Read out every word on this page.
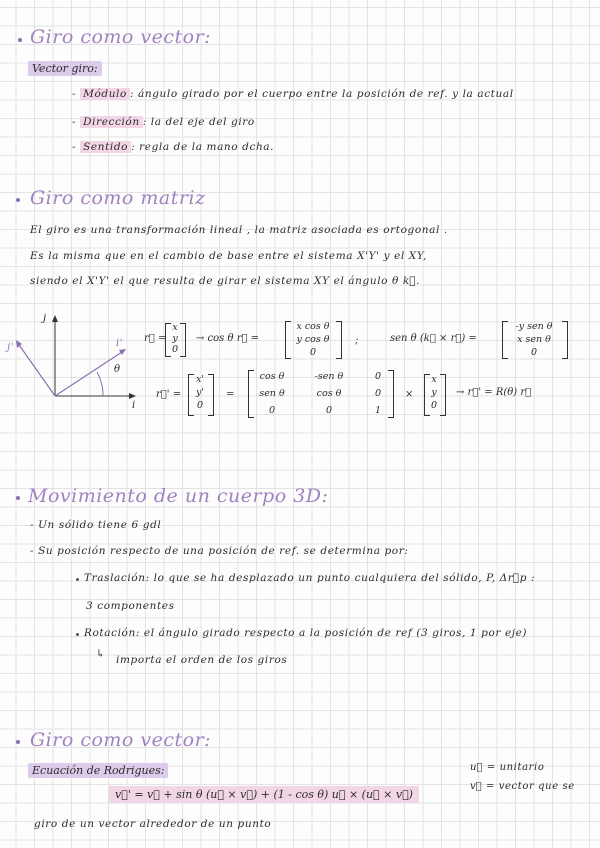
Giro como vector:
Vector giro:
- Módulo : ángulo girado por el cuerpo entre la posición de ref. y la actual
- Dirección : la del eje del giro
- Sentido : regla de la mano dcha.
Giro como matriz
El giro es una transformación lineal , la matriz asociada es ortogonal .
Es la misma que en el cambio de base entre el sistema X'Y' y el XY,
siendo el X'Y' el que resulta de girar el sistema XY el ángulo θ k⃗.
j'
j
i
i'
θ
r⃗ =
x
y
0
→ cos θ r⃗ =
x cos θ
y cos θ
0
;	sen θ (k⃗ × r⃗) =
-y sen θ
x sen θ
0
r⃗' =
x'
y'
0
=
cos θ	-sen θ	0
sen θ	cos θ	0
0	0	1
×
x
y
0
→ r⃗' = R(θ) r⃗
Movimiento de un cuerpo 3D:
- Un sólido tiene 6 gdl
- Su posición respecto de una posición de ref. se determina por:
Traslación: lo que se ha desplazado un punto cualquiera del sólido, P, Δr⃗p :
3 componentes
Rotación: el ángulo girado respecto a la posición de ref (3 giros, 1 por eje)
↳ importa el orden de los giros
Giro como vector:
Ecuación de Rodrigues:
v⃗' = v⃗ + sin θ (u⃗ × v⃗) + (1 - cos θ) u⃗ × (u⃗ × v⃗)
u⃗ = unitario
v⃗ = vector que se
giro de un vector alrededor de un punto
